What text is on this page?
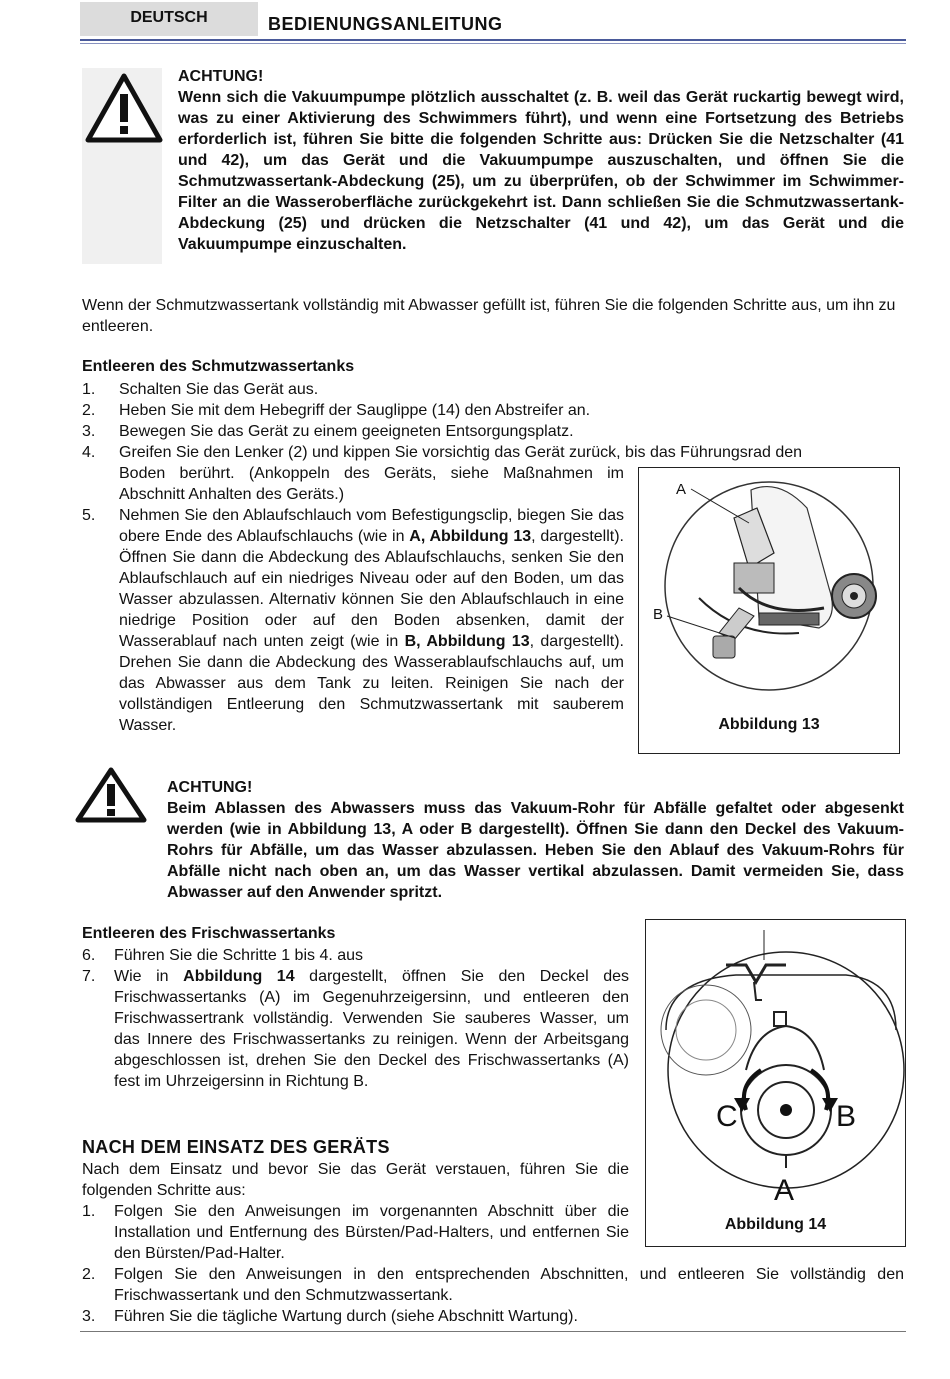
DEUTSCH	BEDIENUNGSANLEITUNG
ACHTUNG!
Wenn sich die Vakuumpumpe plötzlich ausschaltet (z. B. weil das Gerät ruckartig bewegt wird, was zu einer Aktivierung des Schwimmers führt), und wenn eine Fortsetzung des Betriebs erforderlich ist, führen Sie bitte die folgenden Schritte aus: Drücken Sie die Netzschalter (41 und 42), um das Gerät und die Vakuumpumpe auszuschalten, und öffnen Sie die Schmutzwassertank-Abdeckung (25), um zu überprüfen, ob der Schwimmer im Schwimmer-Filter an die Wasseroberfläche zurückgekehrt ist. Dann schließen Sie die Schmutzwassertank-Abdeckung (25) und drücken die Netzschalter (41 und 42), um das Gerät und die Vakuumpumpe einzuschalten.
Wenn der Schmutzwassertank vollständig mit Abwasser gefüllt ist, führen Sie die folgenden Schritte aus, um ihn zu entleeren.
Entleeren des Schmutzwassertanks
1. Schalten Sie das Gerät aus.
2. Heben Sie mit dem Hebegriff der Sauglippe (14) den Abstreifer an.
3. Bewegen Sie das Gerät zu einem geeigneten Entsorgungsplatz.
4. Greifen Sie den Lenker (2) und kippen Sie vorsichtig das Gerät zurück, bis das Führungsrad den
Boden berührt. (Ankoppeln des Geräts, siehe Maßnahmen im Abschnitt Anhalten des Geräts.)
5. Nehmen Sie den Ablaufschlauch vom Befestigungsclip, biegen Sie das obere Ende des Ablaufschlauchs (wie in A, Abbildung 13, dargestellt). Öffnen Sie dann die Abdeckung des Ablaufschlauchs, senken Sie den Ablaufschlauch auf ein niedriges Niveau oder auf den Boden, um das Wasser abzulassen. Alternativ können Sie den Ablaufschlauch in eine niedrige Position oder auf den Boden absenken, damit der Wasserablauf nach unten zeigt (wie in B, Abbildung 13, dargestellt). Drehen Sie dann die Abdeckung des Wasserablaufschlauchs auf, um das Abwasser aus dem Tank zu leiten. Reinigen Sie nach der vollständigen Entleerung den Schmutzwassertank mit sauberem Wasser.
A
B
Abbildung 13
ACHTUNG!
Beim Ablassen des Abwassers muss das Vakuum-Rohr für Abfälle gefaltet oder abgesenkt werden (wie in Abbildung 13, A oder B dargestellt). Öffnen Sie dann den Deckel des Vakuum-Rohrs für Abfälle, um das Wasser abzulassen. Heben Sie den Ablauf des Vakuum-Rohrs für Abfälle nicht nach oben an, um das Wasser vertikal abzulassen. Damit vermeiden Sie, dass Abwasser auf den Anwender spritzt.
Entleeren des Frischwassertanks
6. Führen Sie die Schritte 1 bis 4. aus
7. Wie in Abbildung 14 dargestellt, öffnen Sie den Deckel des Frischwassertanks (A) im Gegenuhrzeigersinn, und entleeren den Frischwassertrank vollständig. Verwenden Sie sauberes Wasser, um das Innere des Frischwassertanks zu reinigen. Wenn der Arbeitsgang abgeschlossen ist, drehen Sie den Deckel des Frischwassertanks (A) fest im Uhrzeigersinn in Richtung B.
C	B
A
Abbildung 14
NACH DEM EINSATZ DES GERÄTS
Nach dem Einsatz und bevor Sie das Gerät verstauen, führen Sie die folgenden Schritte aus:
1. Folgen Sie den Anweisungen im vorgenannten Abschnitt über die Installation und Entfernung des Bürsten/Pad-Halters, und entfernen Sie den Bürsten/Pad-Halter.
2. Folgen Sie den Anweisungen in den entsprechenden Abschnitten, und entleeren Sie vollständig den Frischwassertank und den Schmutzwassertank.
3. Führen Sie die tägliche Wartung durch (siehe Abschnitt Wartung).
